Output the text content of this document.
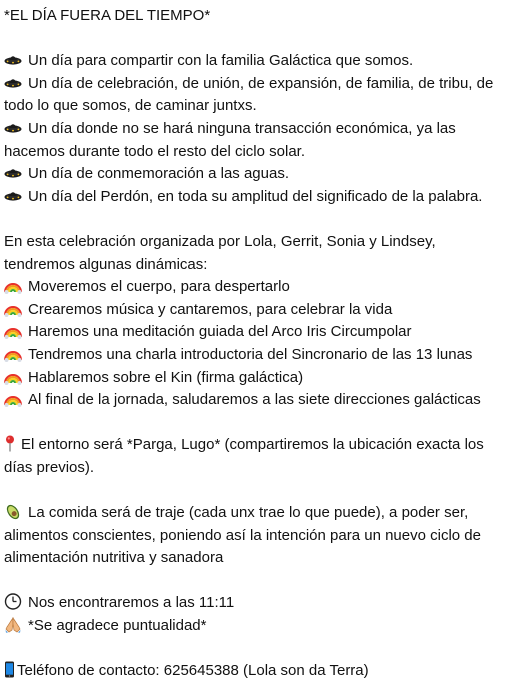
*EL DÍA FUERA DEL TIEMPO*
Un día para compartir con la familia Galáctica que somos.
Un día de celebración, de unión, de expansión, de familia, de tribu, de
todo lo que somos, de caminar juntxs.
Un día donde no se hará ninguna transacción económica, ya las
hacemos durante todo el resto del ciclo solar.
Un día de conmemoración a las aguas.
Un día del Perdón, en toda su amplitud del significado de la palabra.
En esta celebración organizada por Lola, Gerrit, Sonia y Lindsey,
tendremos algunas dinámicas:
Moveremos el cuerpo, para despertarlo
Crearemos música y cantaremos, para celebrar la vida
Haremos una meditación guiada del Arco Iris Circumpolar
Tendremos una charla introductoria del Sincronario de las 13 lunas
Hablaremos sobre el Kin (firma galáctica)
Al final de la jornada, saludaremos a las siete direcciones galácticas
El entorno será *Parga, Lugo* (compartiremos la ubicación exacta los
días previos).
La comida será de traje (cada unx trae lo que puede), a poder ser,
alimentos conscientes, poniendo así la intención para un nuevo ciclo de
alimentación nutritiva y sanadora
Nos encontraremos a las 11:11
*Se agradece puntualidad*
Teléfono de contacto: 625645388 (Lola son da Terra)
